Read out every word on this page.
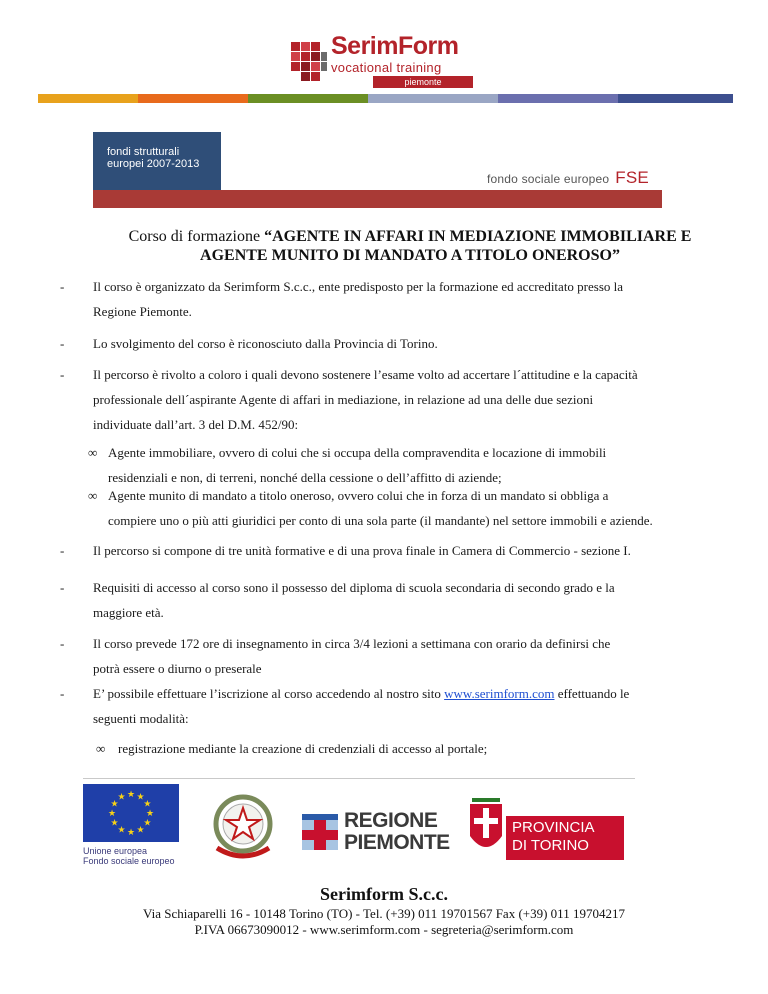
SerimForm
vocational training
piemonte
fondi strutturali
europei 2007-2013
fondo sociale europeo FSE
Corso di formazione “AGENTE IN AFFARI IN MEDIAZIONE IMMOBILIARE E
AGENTE MUNITO DI MANDATO A TITOLO ONEROSO”
- Il corso è organizzato da Serimform S.c.c., ente predisposto per la formazione ed accreditato presso la
Regione Piemonte.
- Lo svolgimento del corso è riconosciuto dalla Provincia di Torino.
- Il percorso è rivolto a coloro i quali devono sostenere l’esame volto ad accertare l´attitudine e la capacità
professionale dell´aspirante Agente di affari in mediazione, in relazione ad una delle due sezioni
individuate dall’art. 3 del D.M. 452/90:
∞ Agente immobiliare, ovvero di colui che si occupa della compravendita e locazione di immobili
residenziali e non, di terreni, nonché della cessione o dell’affitto di aziende;
∞ Agente munito di mandato a titolo oneroso, ovvero colui che in forza di un mandato si obbliga a
compiere uno o più atti giuridici per conto di una sola parte (il mandante) nel settore immobili e aziende.
- Il percorso si compone di tre unità formative e di una prova finale in Camera di Commercio - sezione I.
- Requisiti di accesso al corso sono il possesso del diploma di scuola secondaria di secondo grado e la
maggiore età.
- Il corso prevede 172 ore di insegnamento in circa 3/4 lezioni a settimana con orario da definirsi che
potrà essere o diurno o preserale
- E’ possibile effettuare l’iscrizione al corso accedendo al nostro sito www.serimform.com effettuando le
seguenti modalità:
∞ registrazione mediante la creazione di credenziali di accesso al portale;
★
★
★
★
★
★
★
★
★ ★ ★
★
Unione europea
Fondo sociale europeo
REGIONE
PIEMONTE
PROVINCIA
DI TORINO
Serimform S.c.c.
Via Schiaparelli 16 - 10148 Torino (TO) - Tel. (+39) 011 19701567 Fax (+39) 011 19704217
P.IVA 06673090012 - www.serimform.com - segreteria@serimform.com
